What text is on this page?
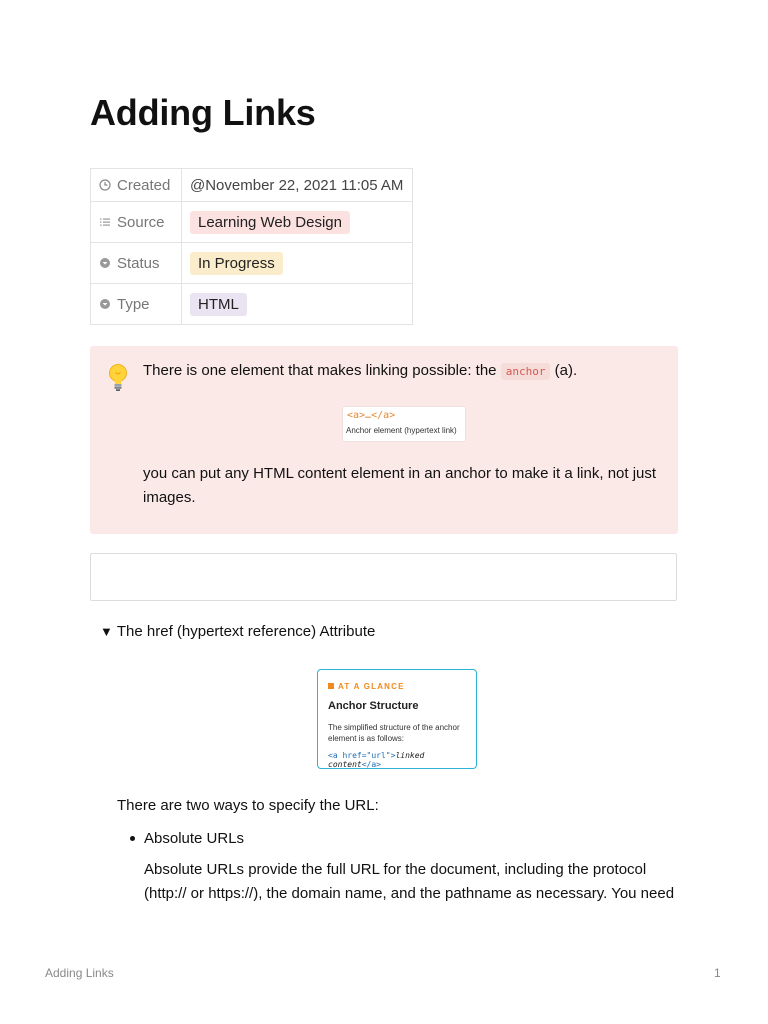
Adding Links
Created	@November 22, 2021 11:05 AM
Source	Learning Web Design
Status	In Progress
Type	HTML
There is one element that makes linking possible: the anchor (a).
<a>…</a>
Anchor element (hypertext link)
you can put any HTML content element in an anchor to make it a link, not just images.
▼ The href (hypertext reference) Attribute
AT A GLANCE
Anchor Structure
The simplified structure of the anchor element is as follows:
<a href="url">linked content</a>
There are two ways to specify the URL:
Absolute URLs
Absolute URLs provide the full URL for the document, including the protocol
(http:// or https://), the domain name, and the pathname as necessary. You need
Adding Links	1
